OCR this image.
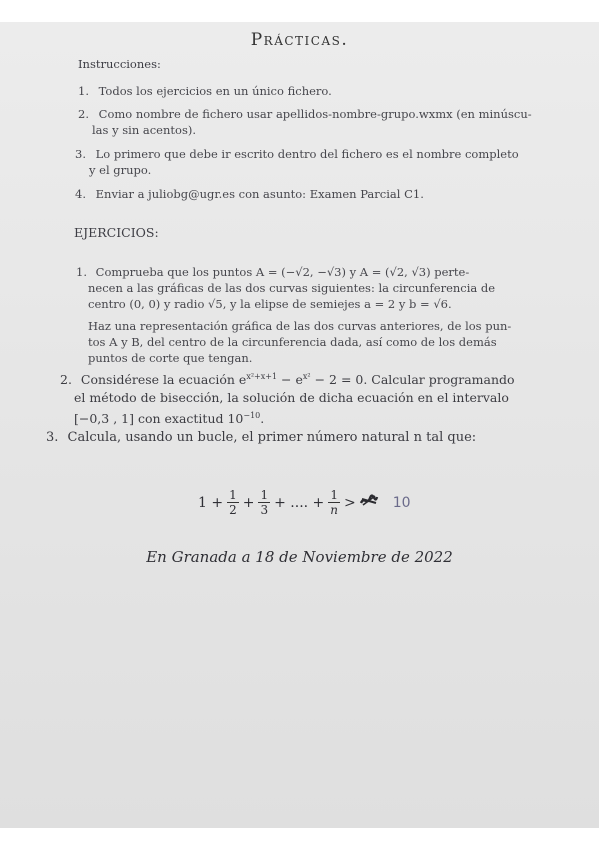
Prácticas.
Instrucciones:
1. Todos los ejercicios en un único fichero.
2. Como nombre de fichero usar apellidos-nombre-grupo.wxmx (en minúscu-
las y sin acentos).
3. Lo primero que debe ir escrito dentro del fichero es el nombre completo
y el grupo.
4. Enviar a juliobg@ugr.es con asunto: Examen Parcial C1.
EJERCICIOS:
1. Comprueba que los puntos A = (−√2, −√3) y A = (√2, √3) perte-
necen a las gráficas de las dos curvas siguientes: la circunferencia de
centro (0, 0) y radio √5, y la elipse de semiejes a = 2 y b = √6.
Haz una representación gráfica de las dos curvas anteriores, de los pun-
tos A y B, del centro de la circunferencia dada, así como de los demás
puntos de corte que tengan.
2. Considérese la ecuación $e^{x^2+x+1} - e^{x^2} - 2 = 0$. Calcular programando
el método de bisección, la solución de dicha ecuación en el intervalo
[−0,3 , 1] con exactitud $10^{-10}$.
3. Calcula, usando un bucle, el primer número natural n tal que:
$1 + \frac{1}{2} + \frac{1}{3}$ + .... + $\frac{1}{n}$ >	10
En Granada a 18 de Noviembre de 2022
